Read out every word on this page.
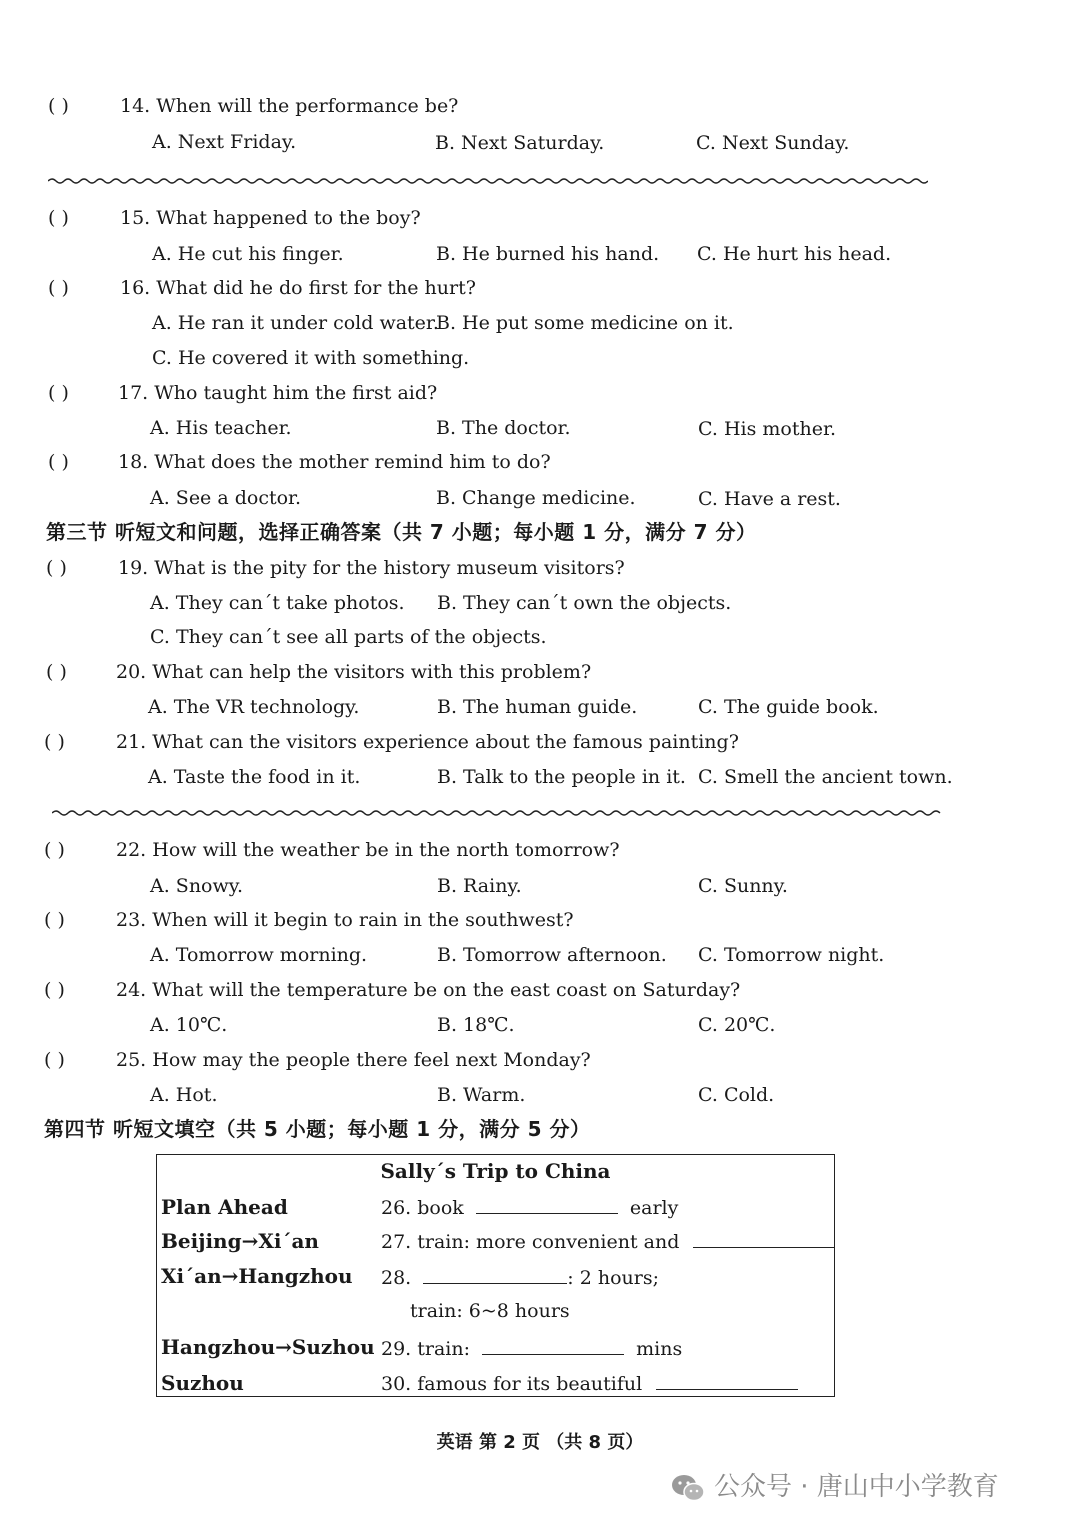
( )	14. When will the performance be?
A. Next Friday.	B. Next Saturday.	C. Next Sunday.
( )	15. What happened to the boy?
A. He cut his finger.	B. He burned his hand. C. He hurt his head.
( )	16. What did he do first for the hurt?
A. He ran it under cold water.
B. He put some medicine on it.
C. He covered it with something.
( )	17. Who taught him the first aid?
A. His teacher.	B. The doctor.	C. His mother.
( )	18. What does the mother remind him to do?
A. See a doctor.	B. Change medicine.	C. Have a rest.
第三节 听短文和问题，选择正确答案（共 7 小题；每小题 1 分，满分 7 分）
( )	19. What is the pity for the history museum visitors?
A. They can´t take photos. B. They can´t own the objects.
C. They can´t see all parts of the objects.
( )	20. What can help the visitors with this problem?
A. The VR technology.	B. The human guide.	C. The guide book.
( )	21. What can the visitors experience about the famous painting?
A. Taste the food in it.	B. Talk to the people in it. C. Smell the ancient town.
( )	22. How will the weather be in the north tomorrow?
A. Snowy.	B. Rainy.	C. Sunny.
( )	23. When will it begin to rain in the southwest?
A. Tomorrow morning.	B. Tomorrow afternoon. C. Tomorrow night.
( )	24. What will the temperature be on the east coast on Saturday?
A. 10℃.	B. 18℃.	C. 20℃.
( )	25. How may the people there feel next Monday?
A. Hot.	B. Warm.	C. Cold.
第四节 听短文填空（共 5 小题；每小题 1 分，满分 5 分）
Sally´s Trip to China
Plan Ahead	26. book	early
Beijing→Xi´an	27. train: more convenient and
Xi´an→Hangzhou 28.	: 2 hours;
train: 6~8 hours
Hangzhou→Suzhou 29. train:	mins
Suzhou	30. famous for its beautiful
英语 第 2 页 （共 8 页）
公众号 · 唐山中小学教育
